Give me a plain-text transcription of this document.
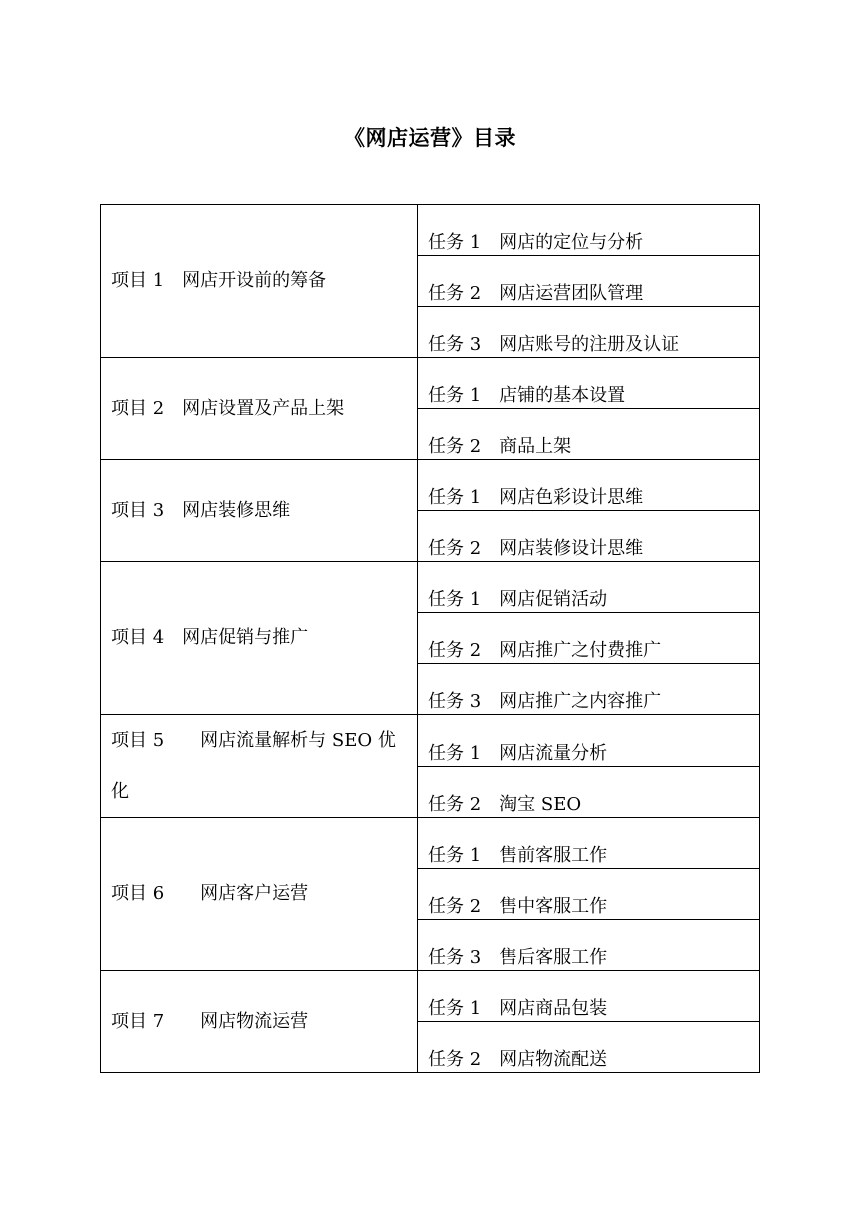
《网店运营》目录
项目 1　网店开设前的筹备	任务 1　网店的定位与分析
	任务 2　网店运营团队管理
	任务 3　网店账号的注册及认证
项目 2　网店设置及产品上架	任务 1　店铺的基本设置
	任务 2　商品上架
项目 3　网店装修思维	任务 1　网店色彩设计思维
	任务 2　网店装修设计思维
项目 4　网店促销与推广	任务 1　网店促销活动
	任务 2　网店推广之付费推广
	任务 3　网店推广之内容推广
项目 5　　网店流量解析与 SEO 优化	任务 1　网店流量分析
	任务 2　淘宝 SEO
项目 6　　网店客户运营	任务 1　售前客服工作
	任务 2　售中客服工作
	任务 3　售后客服工作
项目 7　　网店物流运营	任务 1　网店商品包装
	任务 2　网店物流配送
